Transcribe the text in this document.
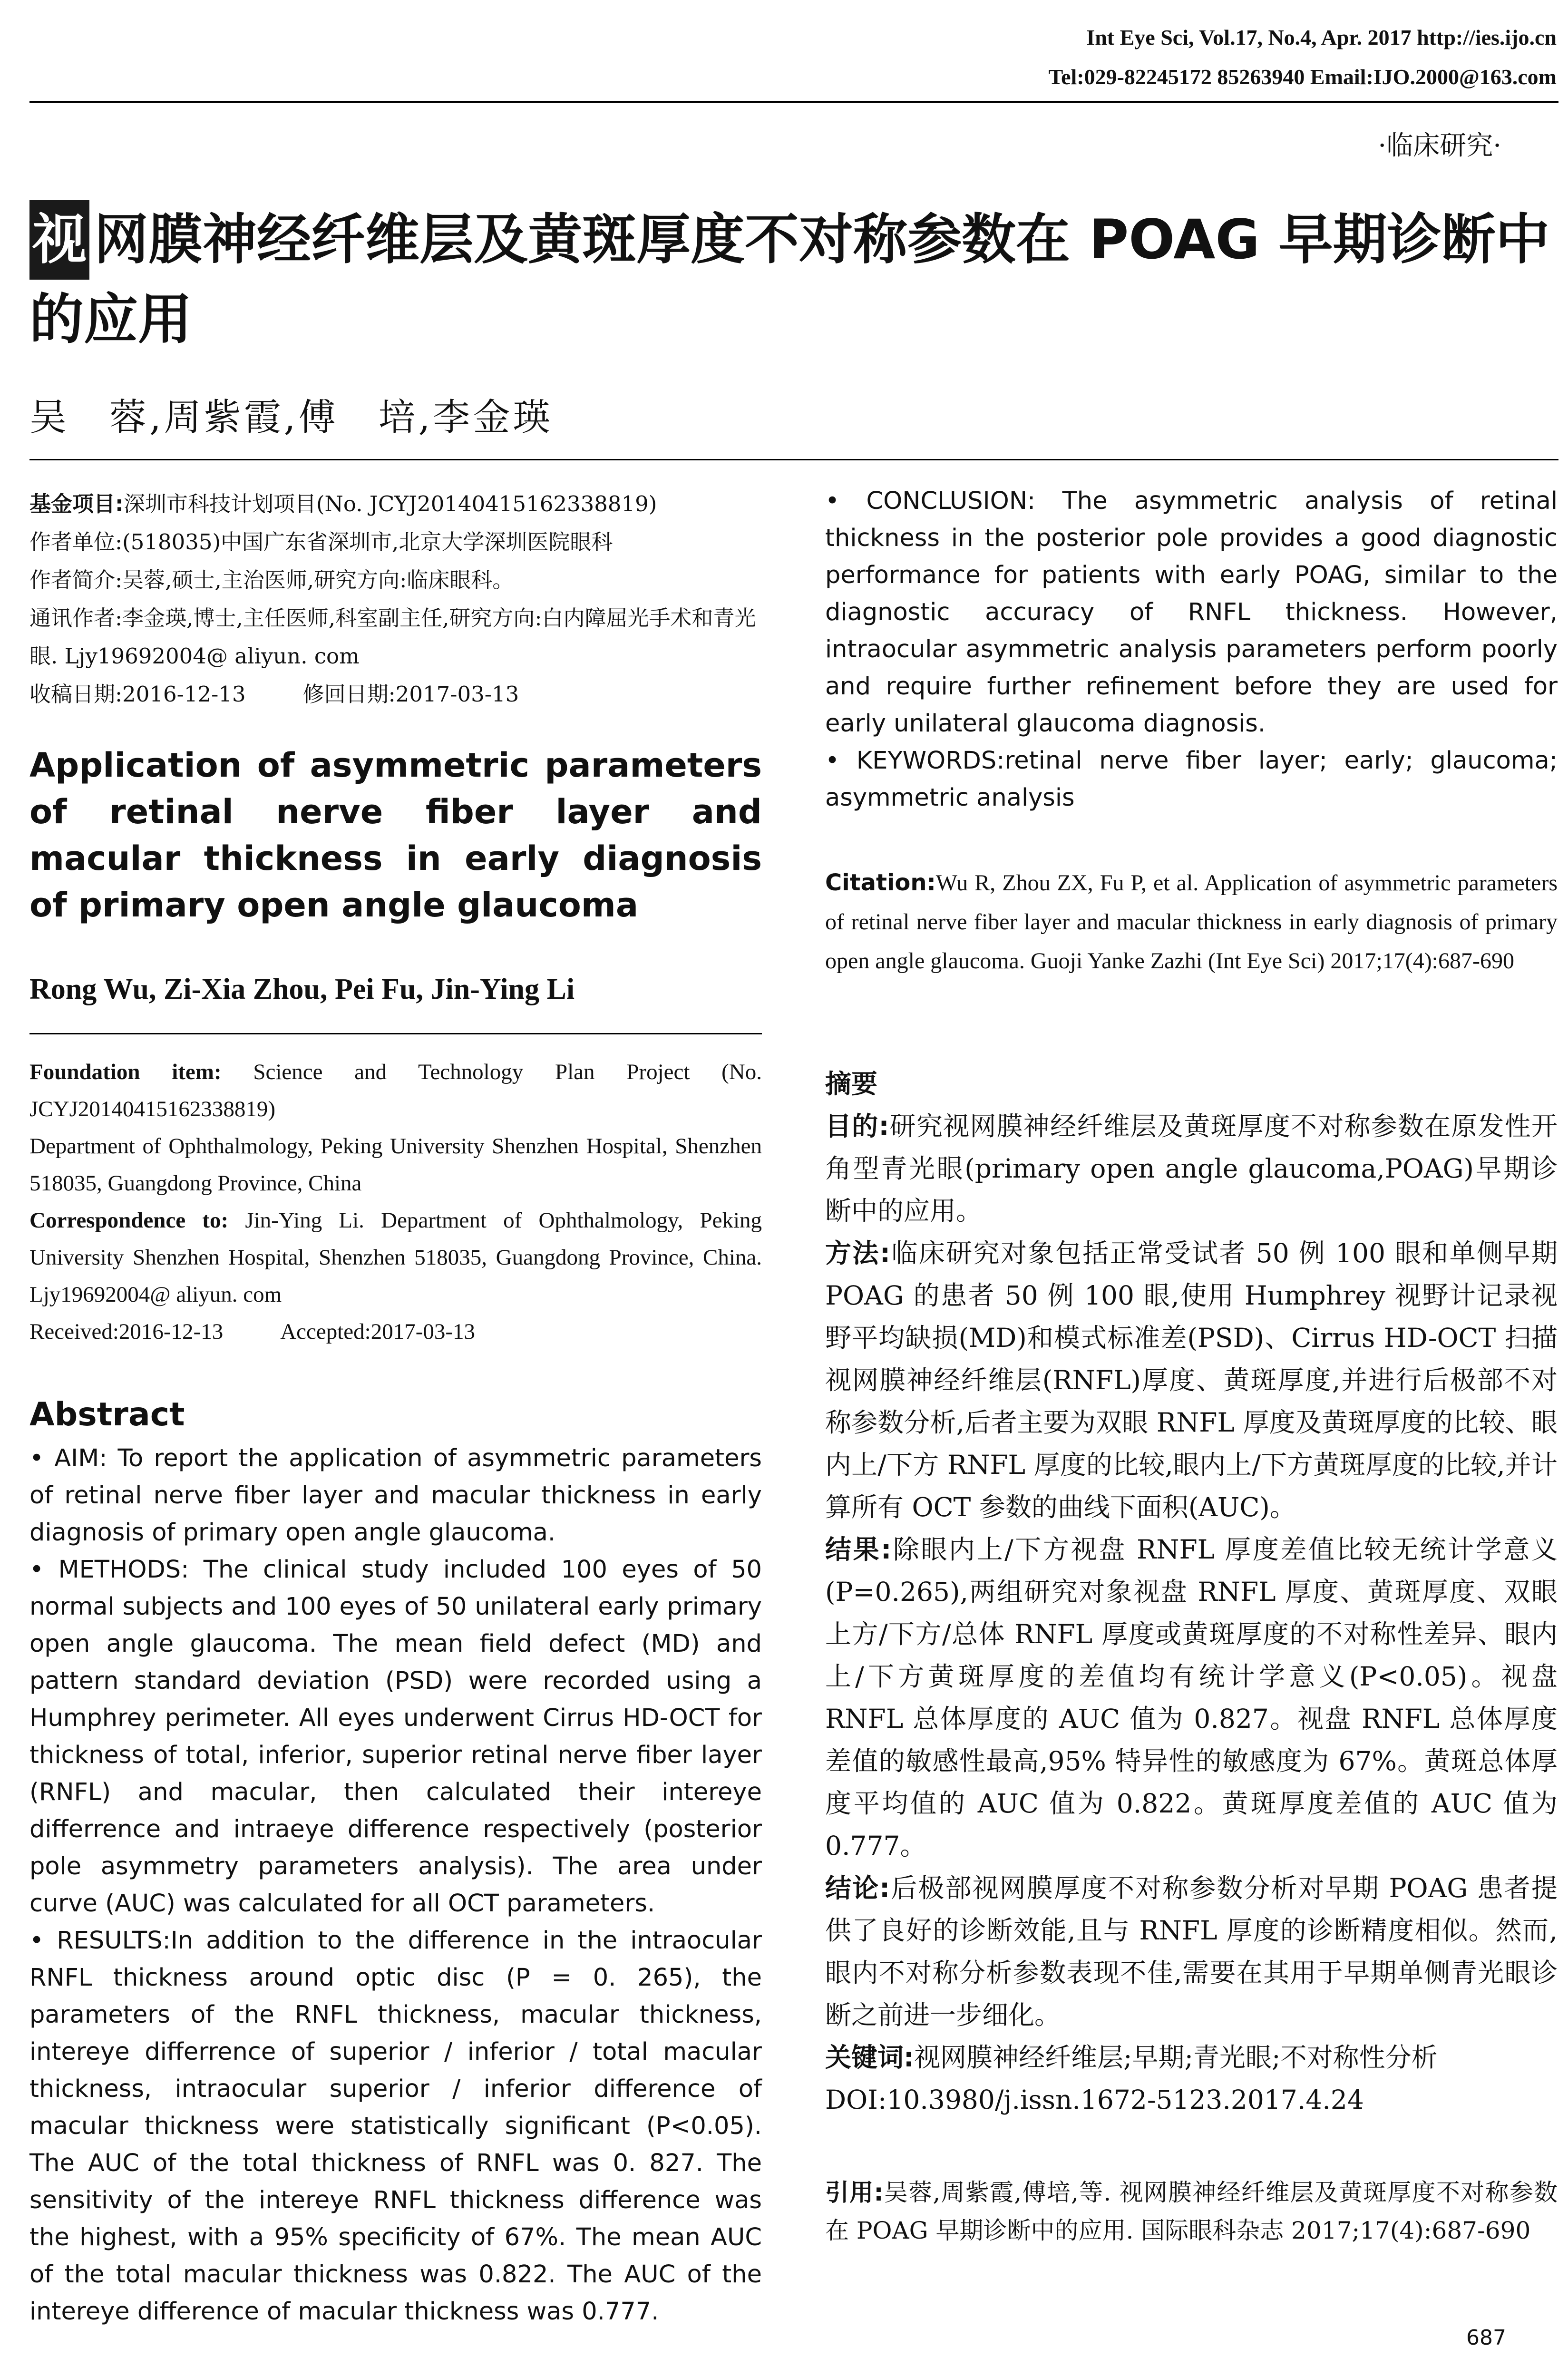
Int Eye Sci, Vol.17, No.4, Apr. 2017 http://ies.ijo.cn
Tel:029-82245172 85263940 Email:IJO.2000@163.com
·临床研究·
视 网膜神经纤维层及黄斑厚度不对称参数在 POAG 早期诊断中的应用
吴　蓉,周紫霞,傅　培,李金瑛
基金项目:深圳市科技计划项目(No. JCYJ20140415162338819)
作者单位:(518035)中国广东省深圳市,北京大学深圳医院眼科
作者简介:吴蓉,硕士,主治医师,研究方向:临床眼科。
通讯作者:李金瑛,博士,主任医师,科室副主任,研究方向:白内障屈光手术和青光眼. Ljy19692004@ aliyun. com
收稿日期:2016-12-13	修回日期:2017-03-13
Application of asymmetric parameters of retinal nerve fiber layer and macular thickness in early diagnosis of primary open angle glaucoma
Rong Wu, Zi-Xia Zhou, Pei Fu, Jin-Ying Li
Foundation item: Science and Technology Plan Project (No. JCYJ20140415162338819)
Department of Ophthalmology, Peking University Shenzhen Hospital, Shenzhen 518035, Guangdong Province, China
Correspondence to: Jin-Ying Li. Department of Ophthalmology, Peking University Shenzhen Hospital, Shenzhen 518035, Guangdong Province, China. Ljy19692004@ aliyun. com
Received:2016-12-13	Accepted:2017-03-13
Abstract

• AIM: To report the application of asymmetric parameters of retinal nerve fiber layer and macular thickness in early diagnosis of primary open angle glaucoma.

• METHODS: The clinical study included 100 eyes of 50 normal subjects and 100 eyes of 50 unilateral early primary open angle glaucoma. The mean field defect (MD) and pattern standard deviation (PSD) were recorded using a Humphrey perimeter. All eyes underwent Cirrus HD-OCT for thickness of total, inferior, superior retinal nerve fiber layer (RNFL) and macular, then calculated their intereye differrence and intraeye difference respectively (posterior pole asymmetry parameters analysis). The area under curve (AUC) was calculated for all OCT parameters.

• RESULTS:In addition to the difference in the intraocular RNFL thickness around optic disc (P = 0. 265), the parameters of the RNFL thickness, macular thickness, intereye differrence of superior / inferior / total macular thickness, intraocular superior / inferior difference of macular thickness were statistically significant (P<0.05). The AUC of the total thickness of RNFL was 0. 827. The sensitivity of the intereye RNFL thickness difference was the highest, with a 95% specificity of 67%. The mean AUC of the total macular thickness was 0.822. The AUC of the intereye difference of macular thickness was 0.777.

• CONCLUSION: The asymmetric analysis of retinal thickness in the posterior pole provides a good diagnostic performance for patients with early POAG, similar to the diagnostic accuracy of RNFL thickness. However, intraocular asymmetric analysis parameters perform poorly and require further refinement before they are used for early unilateral glaucoma diagnosis.

• KEYWORDS:retinal nerve fiber layer; early; glaucoma; asymmetric analysis

Citation:Wu R, Zhou ZX, Fu P, et al. Application of asymmetric parameters of retinal nerve fiber layer and macular thickness in early diagnosis of primary open angle glaucoma. Guoji Yanke Zazhi (Int Eye Sci) 2017;17(4):687-690

摘要

目的:研究视网膜神经纤维层及黄斑厚度不对称参数在原发性开角型青光眼(primary open angle glaucoma,POAG)早期诊断中的应用。

方法:临床研究对象包括正常受试者 50 例 100 眼和单侧早期 POAG 的患者 50 例 100 眼,使用 Humphrey 视野计记录视野平均缺损(MD)和模式标准差(PSD)、Cirrus HD-OCT 扫描视网膜神经纤维层(RNFL)厚度、黄斑厚度,并进行后极部不对称参数分析,后者主要为双眼 RNFL 厚度及黄斑厚度的比较、眼内上/下方 RNFL 厚度的比较,眼内上/下方黄斑厚度的比较,并计算所有 OCT 参数的曲线下面积(AUC)。

结果:除眼内上/下方视盘 RNFL 厚度差值比较无统计学意义(P=0.265),两组研究对象视盘 RNFL 厚度、黄斑厚度、双眼上方/下方/总体 RNFL 厚度或黄斑厚度的不对称性差异、眼内上/下方黄斑厚度的差值均有统计学意义(P<0.05)。视盘 RNFL 总体厚度的 AUC 值为 0.827。视盘 RNFL 总体厚度差值的敏感性最高,95% 特异性的敏感度为 67%。黄斑总体厚度平均值的 AUC 值为 0.822。黄斑厚度差值的 AUC 值为 0.777。

结论:后极部视网膜厚度不对称参数分析对早期 POAG 患者提供了良好的诊断效能,且与 RNFL 厚度的诊断精度相似。然而,眼内不对称分析参数表现不佳,需要在其用于早期单侧青光眼诊断之前进一步细化。

关键词:视网膜神经纤维层;早期;青光眼;不对称性分析

DOI:10.3980/j.issn.1672-5123.2017.4.24

引用:吴蓉,周紫霞,傅培,等. 视网膜神经纤维层及黄斑厚度不对称参数在 POAG 早期诊断中的应用. 国际眼科杂志 2017;17(4):687-690
687
